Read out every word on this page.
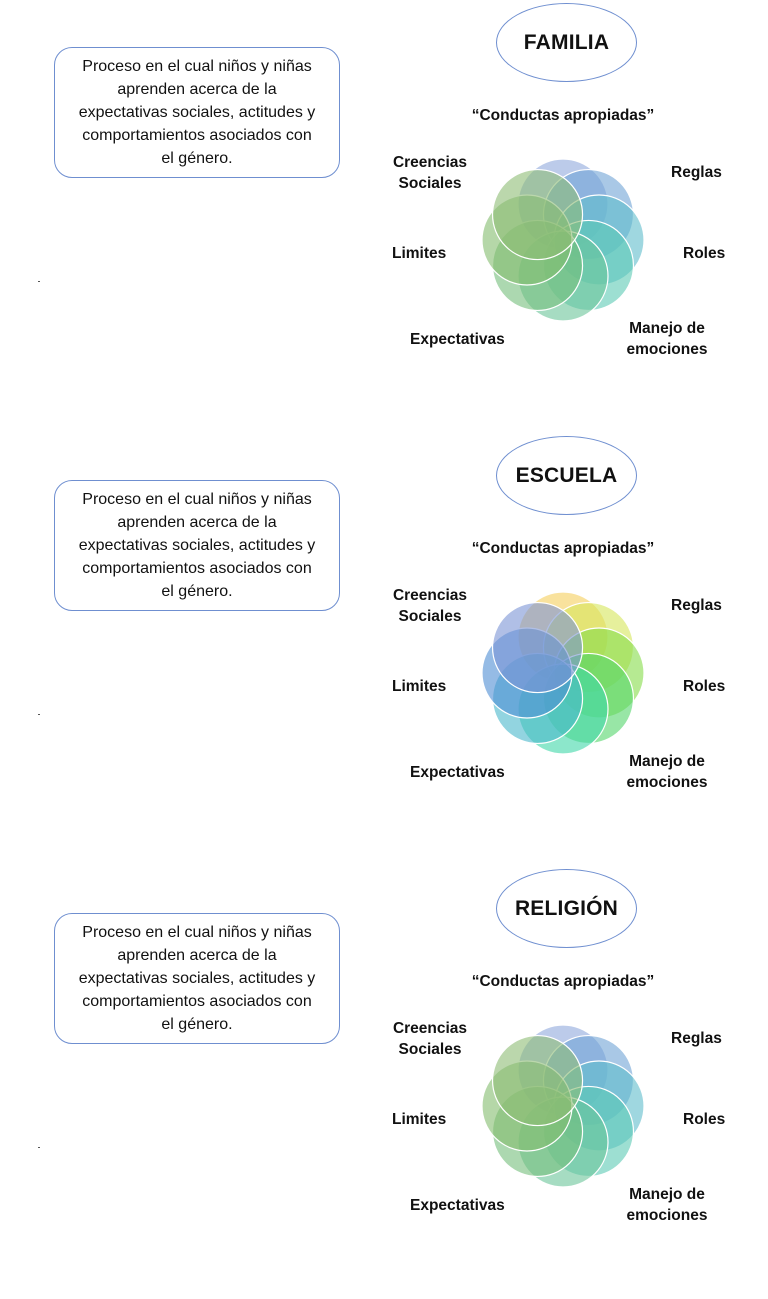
Proceso en el cual niños y niñas
aprenden acerca de la
expectativas sociales, actitudes y
comportamientos asociados con
el género.
FAMILIA
“Conductas apropiadas”
Creencias
Sociales
Reglas
Limites	Roles
Expectativas
Manejo de
emociones
Proceso en el cual niños y niñas
aprenden acerca de la
expectativas sociales, actitudes y
comportamientos asociados con
el género.
ESCUELA
“Conductas apropiadas”
Creencias
Sociales
Reglas
Limites	Roles
Expectativas
Manejo de
emociones
Proceso en el cual niños y niñas
aprenden acerca de la
expectativas sociales, actitudes y
comportamientos asociados con
el género.
RELIGIÓN
“Conductas apropiadas”
Creencias
Sociales
Reglas
Limites	Roles
Expectativas
Manejo de
emociones
